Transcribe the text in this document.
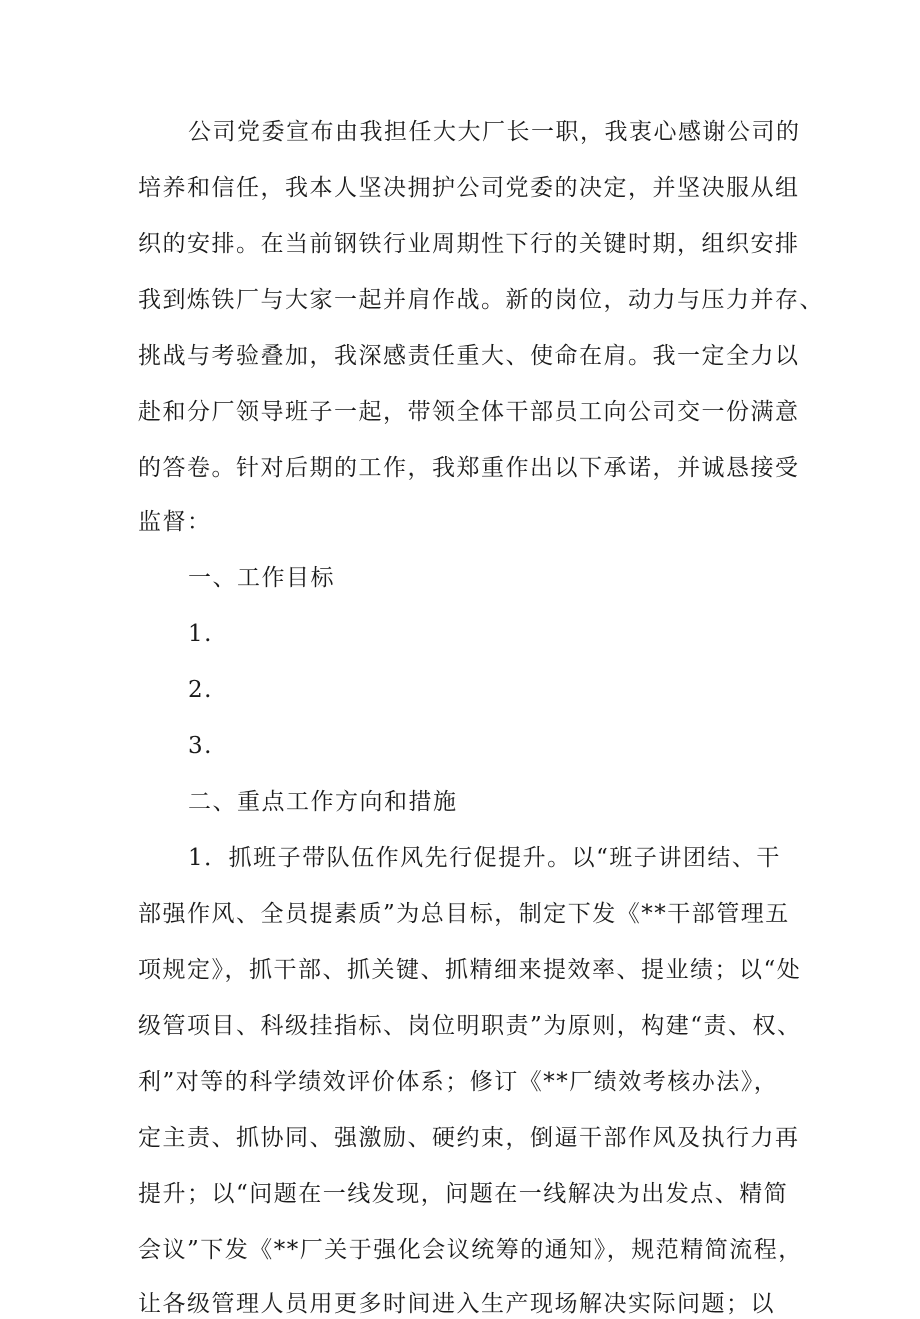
公司党委宣布由我担任大大厂长一职，我衷心感谢公司的
培养和信任，我本人坚决拥护公司党委的决定，并坚决服从组
织的安排。在当前钢铁行业周期性下行的关键时期，组织安排
我到炼铁厂与大家一起并肩作战。新的岗位，动力与压力并存、
挑战与考验叠加，我深感责任重大、使命在肩。我一定全力以
赴和分厂领导班子一起，带领全体干部员工向公司交一份满意
的答卷。针对后期的工作，我郑重作出以下承诺，并诚恳接受
监督：
一、工作目标
1.
2.
3.
二、重点工作方向和措施
1．抓班子带队伍作风先行促提升。以“班子讲团结、干
部强作风、全员提素质”为总目标，制定下发《**干部管理五
项规定》，抓干部、抓关键、抓精细来提效率、提业绩；以“处
级管项目、科级挂指标、岗位明职责”为原则，构建“责、权、
利”对等的科学绩效评价体系；修订《**厂绩效考核办法》，
定主责、抓协同、强激励、硬约束，倒逼干部作风及执行力再
提升；以“问题在一线发现，问题在一线解决为出发点、精简
会议”下发《**厂关于强化会议统筹的通知》，规范精简流程，
让各级管理人员用更多时间进入生产现场解决实际问题；以
